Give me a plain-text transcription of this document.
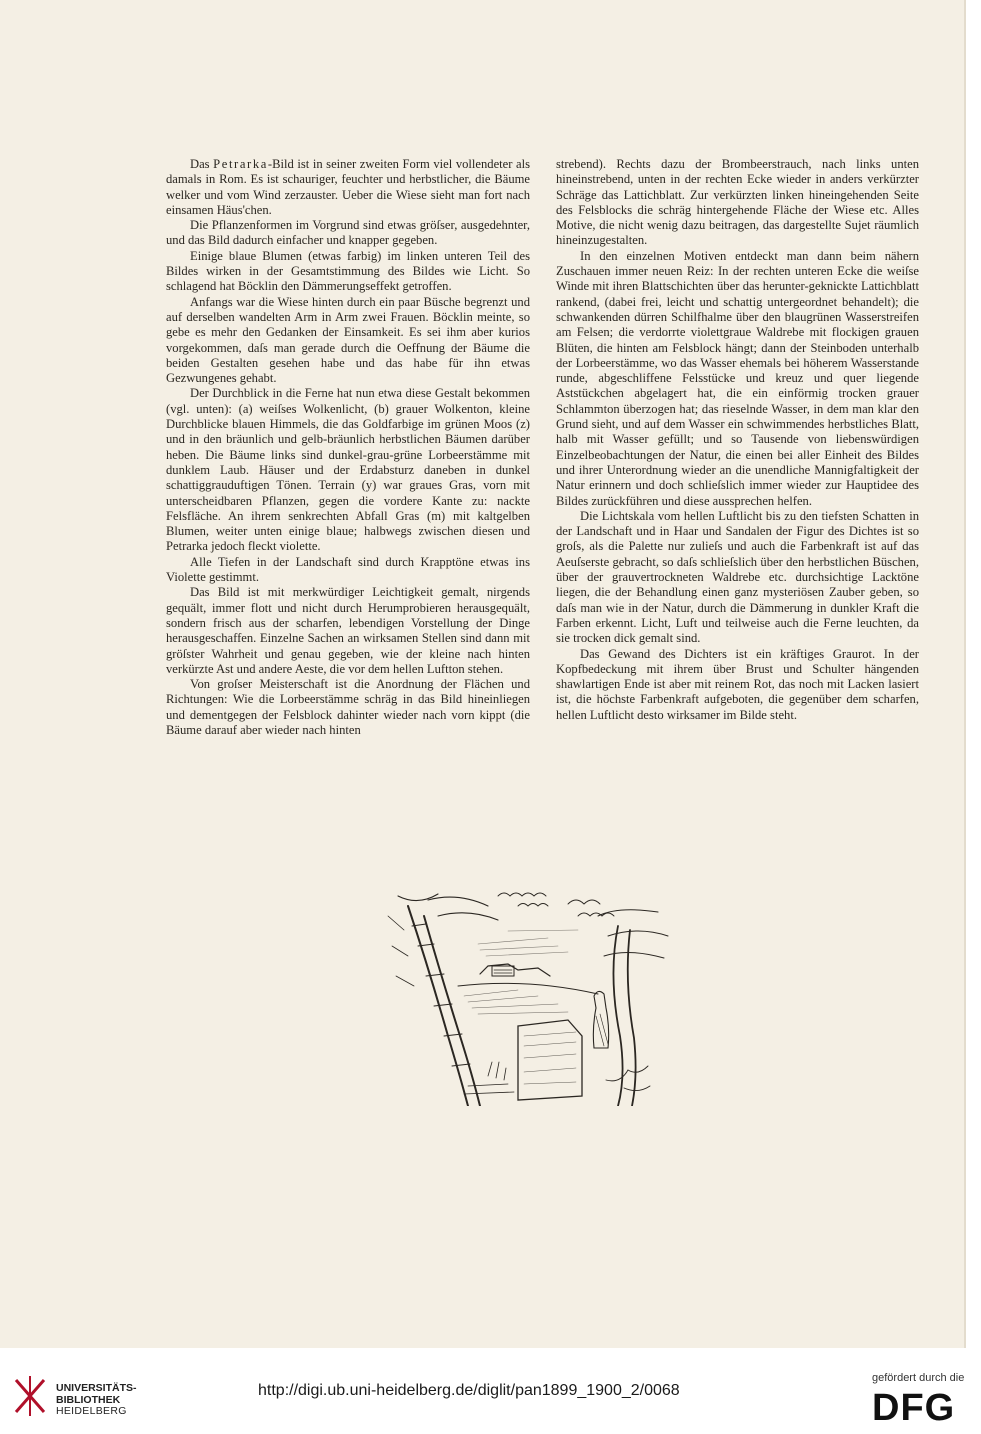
Das Petrarka-Bild ist in seiner zweiten Form viel vollendeter als damals in Rom. Es ist schauriger, feuchter und herbstlicher, die Bäume welker und vom Wind zerzauster. Ueber die Wiese sieht man fort nach einsamen Häus'chen.

Die Pflanzenformen im Vorgrund sind etwas gröſser, ausgedehnter, und das Bild dadurch einfacher und knapper gegeben.

Einige blaue Blumen (etwas farbig) im linken unteren Teil des Bildes wirken in der Gesamtstimmung des Bildes wie Licht. So schlagend hat Böcklin den Dämmerungseffekt getroffen.

Anfangs war die Wiese hinten durch ein paar Büsche begrenzt und auf derselben wandelten Arm in Arm zwei Frauen. Böcklin meinte, so gebe es mehr den Gedanken der Einsamkeit. Es sei ihm aber kurios vorgekommen, daſs man gerade durch die Oeffnung der Bäume die beiden Gestalten gesehen habe und das habe für ihn etwas Gezwungenes gehabt.

Der Durchblick in die Ferne hat nun etwa diese Gestalt bekommen (vgl. unten): (a) weiſses Wolkenlicht, (b) grauer Wolkenton, kleine Durchblicke blauen Himmels, die das Goldfarbige im grünen Moos (z) und in den bräunlich und gelb-bräunlich herbstlichen Bäumen darüber heben. Die Bäume links sind dunkel-grau-grüne Lorbeerstämme mit dunklem Laub. Häuser und der Erdabsturz daneben in dunkel schattiggrauduftigen Tönen. Terrain (y) war graues Gras, vorn mit unterscheidbaren Pflanzen, gegen die vordere Kante zu: nackte Felsfläche. An ihrem senkrechten Abfall Gras (m) mit kaltgelben Blumen, weiter unten einige blaue; halbwegs zwischen diesen und Petrarka jedoch fleckt violette.

Alle Tiefen in der Landschaft sind durch Krapptöne etwas ins Violette gestimmt.

Das Bild ist mit merkwürdiger Leichtigkeit gemalt, nirgends gequält, immer flott und nicht durch Herumprobieren herausgequält, sondern frisch aus der scharfen, lebendigen Vorstellung der Dinge herausgeschaffen. Einzelne Sachen an wirksamen Stellen sind dann mit gröſster Wahrheit und genau gegeben, wie der kleine nach hinten verkürzte Ast und andere Aeste, die vor dem hellen Luftton stehen.

Von groſser Meisterschaft ist die Anordnung der Flächen und Richtungen: Wie die Lorbeerstämme schräg in das Bild hineinliegen und dementgegen der Felsblock dahinter wieder nach vorn kippt (die Bäume darauf aber wieder nach hinten

strebend). Rechts dazu der Brombeerstrauch, nach links unten hineinstrebend, unten in der rechten Ecke wieder in anders verkürzter Schräge das Lattichblatt. Zur verkürzten linken hineingehenden Seite des Felsblocks die schräg hintergehende Fläche der Wiese etc. Alles Motive, die nicht wenig dazu beitragen, das dargestellte Sujet räumlich hineinzugestalten.

In den einzelnen Motiven entdeckt man dann beim nähern Zuschauen immer neuen Reiz: In der rechten unteren Ecke die weiſse Winde mit ihren Blattschichten über das herunter-geknickte Lattichblatt rankend, (dabei frei, leicht und schattig untergeordnet behandelt); die schwankenden dürren Schilfhalme über den blaugrünen Wasserstreifen am Felsen; die verdorrte violettgraue Waldrebe mit flockigen grauen Blüten, die hinten am Felsblock hängt; dann der Steinboden unterhalb der Lorbeerstämme, wo das Wasser ehemals bei höherem Wasserstande runde, abgeschliffene Felsstücke und kreuz und quer liegende Aststückchen abgelagert hat, die ein einförmig trocken grauer Schlammton überzogen hat; das rieselnde Wasser, in dem man klar den Grund sieht, und auf dem Wasser ein schwimmendes herbstliches Blatt, halb mit Wasser gefüllt; und so Tausende von liebenswürdigen Einzelbeobachtungen der Natur, die einen bei aller Einheit des Bildes und ihrer Unterordnung wieder an die unendliche Mannigfaltigkeit der Natur erinnern und doch schlieſslich immer wieder zur Hauptidee des Bildes zurückführen und diese aussprechen helfen.

Die Lichtskala vom hellen Luftlicht bis zu den tiefsten Schatten in der Landschaft und in Haar und Sandalen der Figur des Dichtes ist so groſs, als die Palette nur zulieſs und auch die Farbenkraft ist auf das Aeuſserste gebracht, so daſs schlieſslich über den herbstlichen Büschen, über der grauvertrockneten Waldrebe etc. durchsichtige Lacktöne liegen, die der Behandlung einen ganz mysteriösen Zauber geben, so daſs man wie in der Natur, durch die Dämmerung in dunkler Kraft die Farben erkennt. Licht, Luft und teilweise auch die Ferne leuchten, da sie trocken dick gemalt sind.

Das Gewand des Dichters ist ein kräftiges Graurot. In der Kopfbedeckung mit ihrem über Brust und Schulter hängenden shawlartigen Ende ist aber mit reinem Rot, das noch mit Lacken lasiert ist, die höchste Farbenkraft aufgeboten, die gegenüber dem scharfen, hellen Luftlicht desto wirksamer im Bilde steht.

UNIVERSITÄTS-
BIBLIOTHEK
HEIDELBERG
http://digi.ub.uni-heidelberg.de/diglit/pan1899_1900_2/0068
gefördert durch die
DFG
